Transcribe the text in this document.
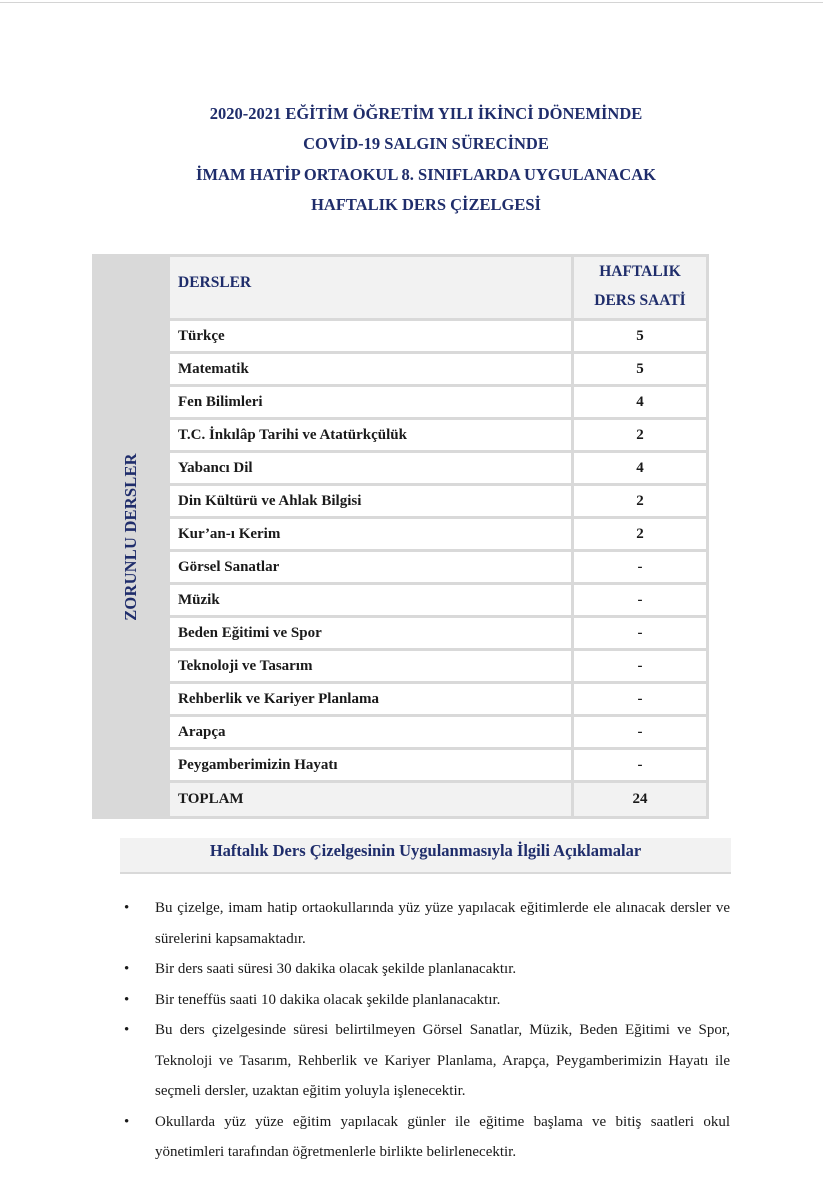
2020-2021 EĞİTİM ÖĞRETİM YILI İKİNCİ DÖNEMİNDE
COVİD-19 SALGIN SÜRECİNDE
İMAM HATİP ORTAOKUL 8. SINIFLARDA UYGULANACAK
HAFTALIK DERS ÇİZELGESİ
ZORUNLU DERSLER	DERSLER	HAFTALIK
DERS SAATİ

	Türkçe	5
	Matematik	5
	Fen Bilimleri	4
	T.C. İnkılâp Tarihi ve Atatürkçülük	2
	Yabancı Dil	4
	Din Kültürü ve Ahlak Bilgisi	2
	Kur’an-ı Kerim	2
	Görsel Sanatlar	-
	Müzik	-
	Beden Eğitimi ve Spor	-
	Teknoloji ve Tasarım	-
	Rehberlik ve Kariyer Planlama	-
	Arapça	-
	Peygamberimizin Hayatı	-
	TOPLAM	24
Haftalık Ders Çizelgesinin Uygulanmasıyla İlgili Açıklamalar
• Bu çizelge, imam hatip ortaokullarında yüz yüze yapılacak eğitimlerde ele alınacak dersler ve sürelerini kapsamaktadır.
• Bir ders saati süresi 30 dakika olacak şekilde planlanacaktır.
• Bir teneffüs saati 10 dakika olacak şekilde planlanacaktır.
• Bu ders çizelgesinde süresi belirtilmeyen Görsel Sanatlar, Müzik, Beden Eğitimi ve Spor, Teknoloji ve Tasarım, Rehberlik ve Kariyer Planlama, Arapça, Peygamberimizin Hayatı ile seçmeli dersler, uzaktan eğitim yoluyla işlenecektir.
• Okullarda yüz yüze eğitim yapılacak günler ile eğitime başlama ve bitiş saatleri okul yönetimleri tarafından öğretmenlerle birlikte belirlenecektir.
